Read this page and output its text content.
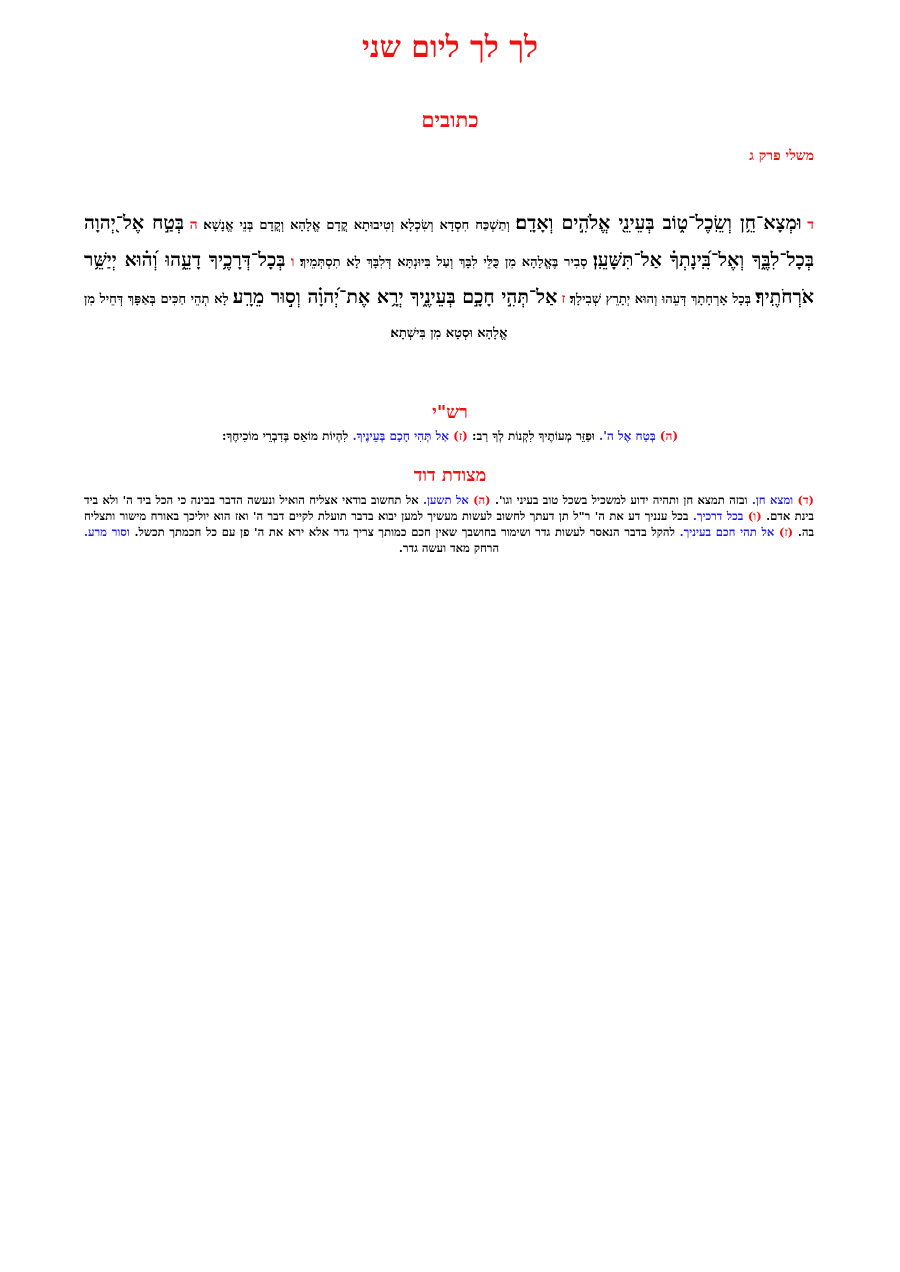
לך לך ליום שני
כתובים
משלי פרק ג

ד וּמְצָא־חֵ֥ן וְשֵֽׂכֶל־ט֑וֹב בְּעֵינֵ֖י אֱלֹהִ֣ים וְאָדָֽם׃ וְתַשְׁכַּח חִסְדָא וְשִׂכְלָא וְטִיבוּתָא קֳדָם אֱלָהָא וְקֳדָם בְּנֵי אֱנָשָׁא׃ ה בְּטַ֣ח אֶל־יְ֭הוָה בְּכָל־לִבֶּ֑ךָ וְאֶל־בִּֽ֝ינָתְךָ֗ אַל־תִּשָּׁעֵֽן׃ סְבִיר בֶּאֱלָהָא מִן כֻּלֵּי לִבָּךְ וְעַל בִּיוּנְתָּא דְּלִבָּךְ לָא תִסְתְּמֵיךְ׃ ו בְּכָל־דְּרָכֶ֥יךָ דָעֵ֑הוּ וְ֝ה֗וּא יְיַשֵּׁ֥ר אֹרְחֹתֶֽיךָ׃ בְּכָל אָרְחָתָךְ דְּעֵהוּ וְהוּא יְתָרֵץ שְׁבִילָךְ׃ ז אַל־תְּהִ֣י חָכָ֣ם בְּעֵינֶ֑יךָ יְרָ֥א אֶת־יְ֝הוָ֗ה וְס֣וּר מֵרָֽע׃ לָא תְהֵי חַכִּים בְּאַפָּךְ דְּחֵיל מִן אֱלָהָא וּסְטָא מִן בִּישְׁתָא׃

רש"י

(ה) בְּטַח אֶל ה'. וּפַזֵּר מְעוֹתֶיךָ לִקְנוֹת לְךָ רַב: (ז) אַל תְּהִי חָכָם בְּעֵינֶיךָ. לִהְיוֹת מוֹאֵס בְּדִבְרֵי מוֹכִיחֶךָ:

מצודת דוד

(ד) ומצא חן. ובזה תמצא חן ותהיה ידוע למשכיל בשכל טוב בעיני וגו'. (ה) אל תשען. אל תחשוב בודאי אצליח הואיל ונעשה הדבר בבינה כי הכל ביד ה' ולא ביד בינת אדם. (ו) בכל דרכיך. בכל ענניך דע את ה' ר"ל תן דעתך לחשוב לעשות מעשיך למען יבוא בדבר תועלת לקיים דבר ה' ואז הוא יוליכך באורח מישור ותצליח בה. (ז) אל תהי חכם בעיניך. להקל בדבר הנאסר לעשות גדר ושימור בחושבך שאין חכם כמותך צריך גדר אלא ירא את ה' פן עם כל חכמתך תכשל. וסור מרע. הרחק מאד ועשה גדר.
